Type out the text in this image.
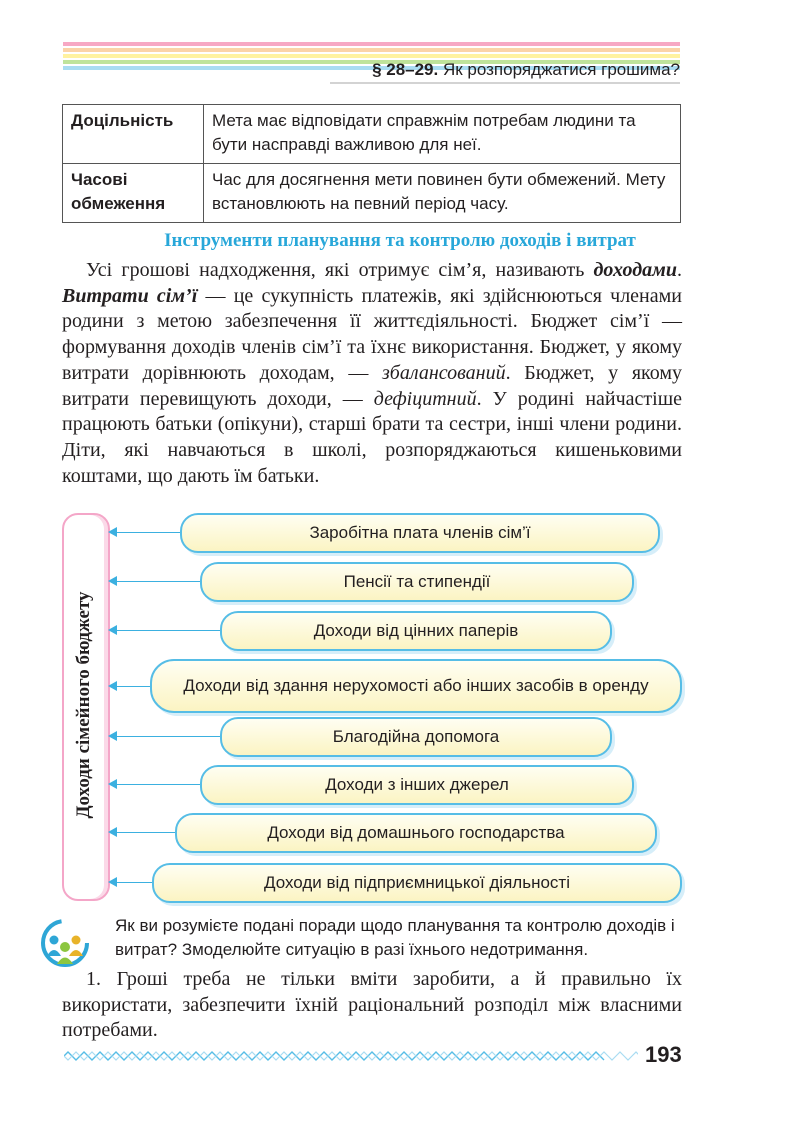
§ 28–29. Як розпоряджатися грошима?
Доцільність	Мета має відповідати справжнім потребам людини та бути насправді важливою для неї.
Часові обмеження	Час для досягнення мети повинен бути обмежений. Мету встановлюють на певний період часу.
Інструменти планування та контролю доходів і витрат

Усі грошові надходження, які отримує сім’я, називають доходами. Витрати сім’ї — це сукупність платежів, які здійснюються членами родини з метою забезпечення її життєдіяльності. Бюджет сім’ї — формування доходів членів сім’ї та їхнє використання. Бюджет, у якому витрати дорівнюють доходам, — збалансований. Бюджет, у якому витрати перевищують доходи, — дефіцитний. У родині найчастіше працюють батьки (опікуни), старші брати та сестри, інші члени родини. Діти, які навчаються в школі, розпоряджаються кишеньковими коштами, що дають їм батьки.

Доходи сімейного бюджету
Заробітна плата членів сім’ї
Пенсії та стипендії
Доходи від цінних паперів
Доходи від здання нерухомості або інших засобів в оренду
Благодійна допомога
Доходи з інших джерел
Доходи від домашнього господарства
Доходи від підприємницької діяльності
Як ви розумієте подані поради щодо планування та контролю доходів і витрат? Змоделюйте ситуацію в разі їхнього недотримання.

1. Гроші треба не тільки вміти заробити, а й правильно їх використати, забезпечити їхній раціональний розподіл між власними потребами.

193
